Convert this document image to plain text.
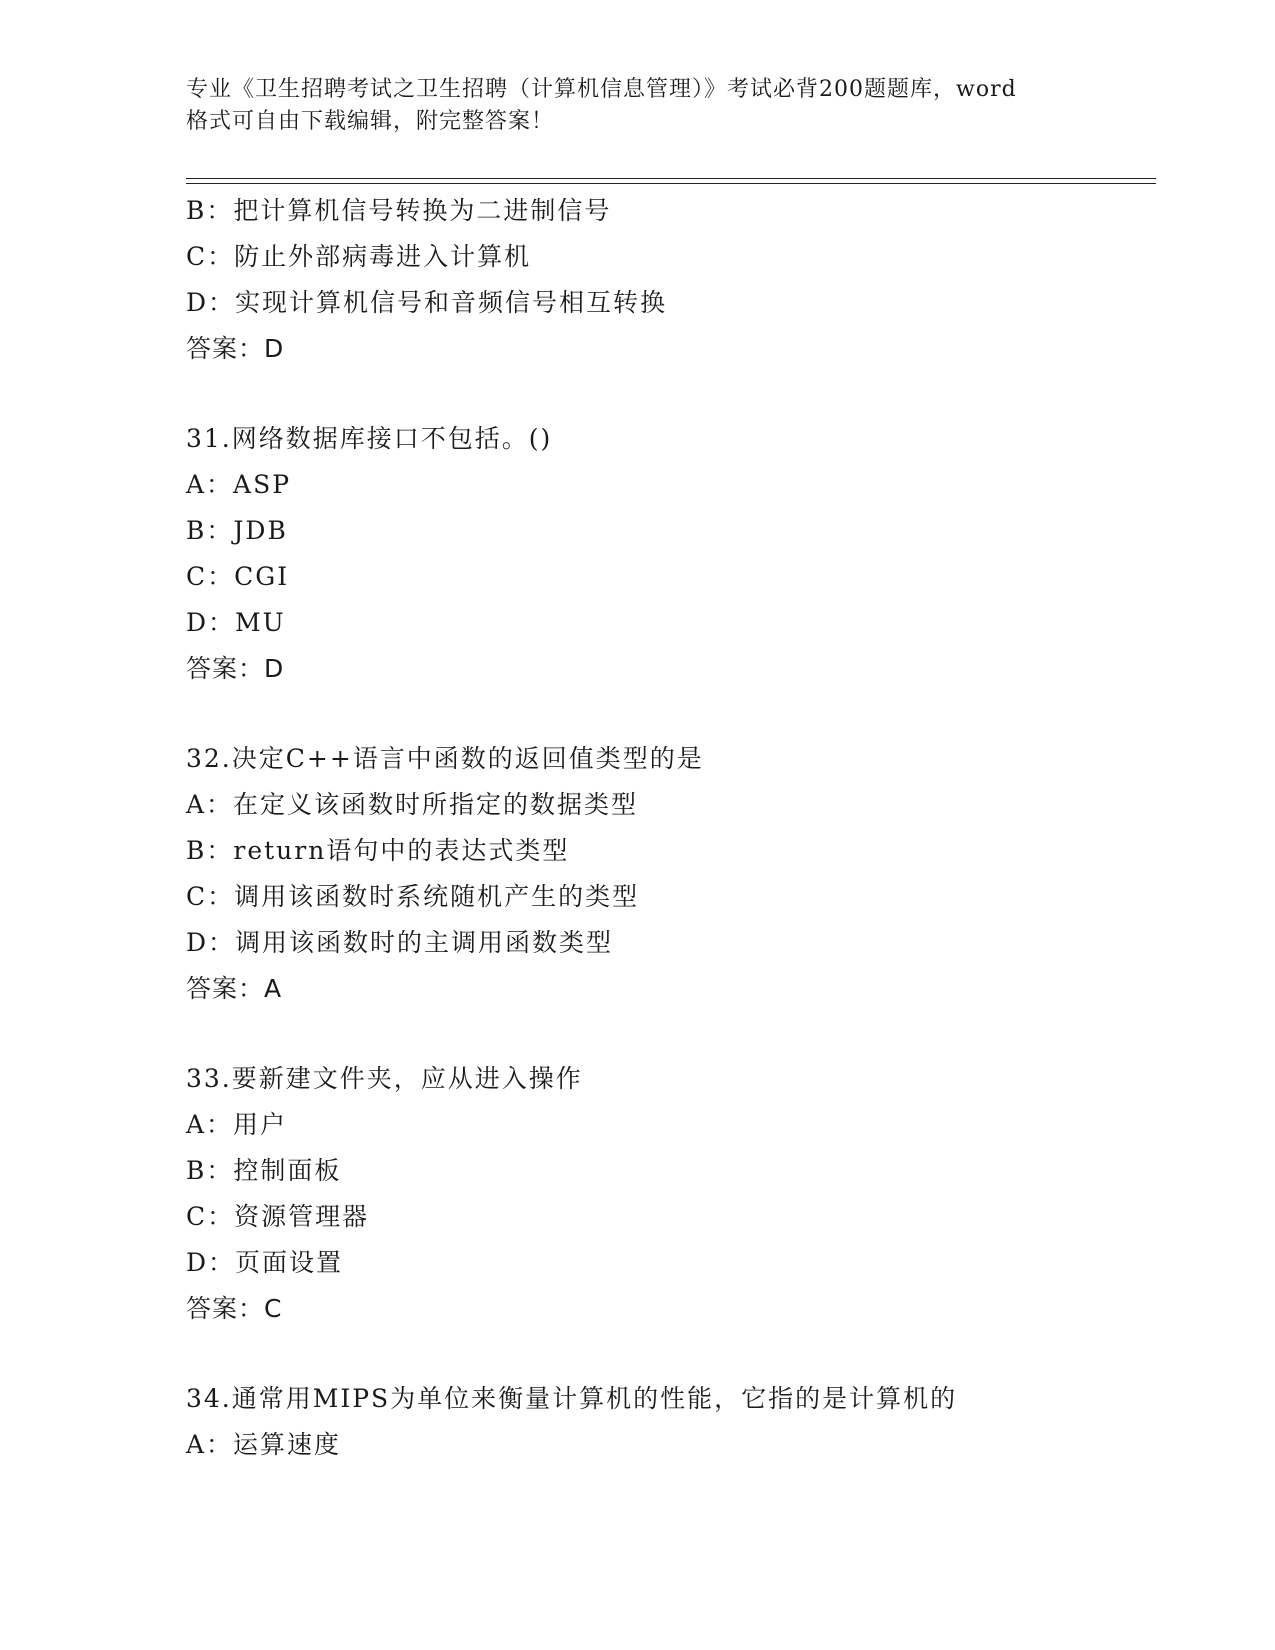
专业《卫生招聘考试之卫生招聘（计算机信息管理）》考试必背200题题库，word
格式可自由下载编辑，附完整答案！
B：把计算机信号转换为二进制信号
C：防止外部病毒进入计算机
D：实现计算机信号和音频信号相互转换
答案：D
31.网络数据库接口不包括。()
A：ASP
B：JDB
C：CGI
D：MU
答案：D
32.决定C++语言中函数的返回值类型的是
A：在定义该函数时所指定的数据类型
B：return语句中的表达式类型
C：调用该函数时系统随机产生的类型
D：调用该函数时的主调用函数类型
答案：A
33.要新建文件夹，应从进入操作
A：用户
B：控制面板
C：资源管理器
D：页面设置
答案：C
34.通常用MIPS为单位来衡量计算机的性能，它指的是计算机的
A：运算速度
